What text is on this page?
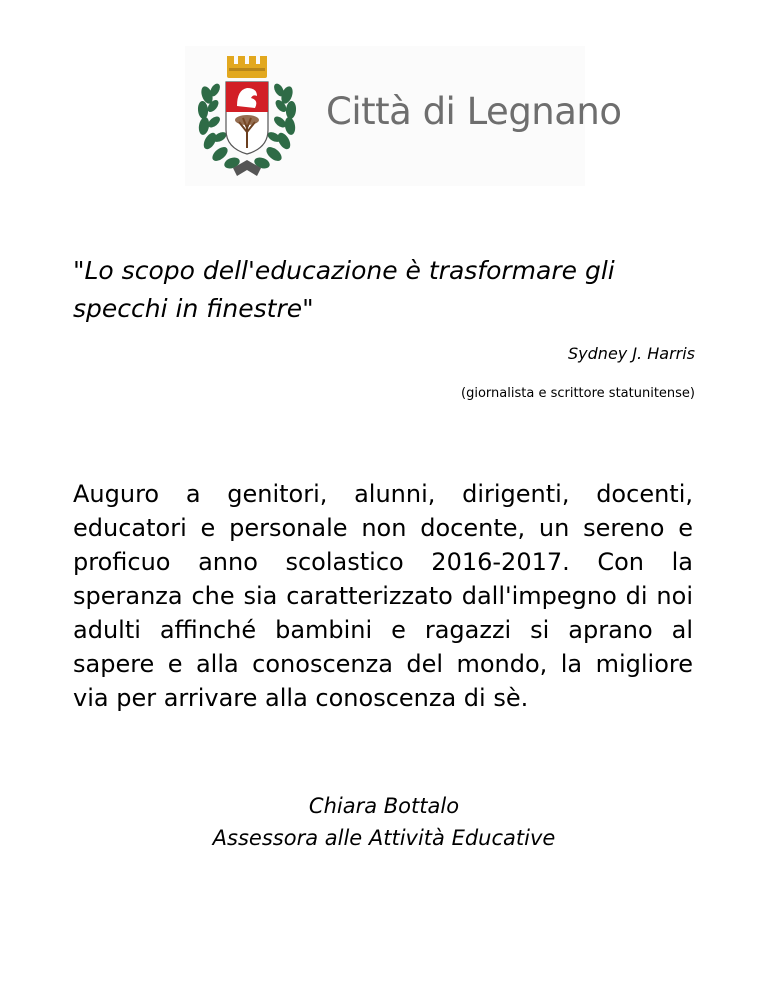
Città di Legnano

"Lo scopo dell'educazione è trasformare gli specchi in finestre"

Sydney J. Harris
(giornalista e scrittore statunitense)

Auguro a genitori, alunni, dirigenti, docenti, educatori e personale non docente, un sereno e proficuo anno scolastico 2016-2017. Con la speranza che sia caratterizzato dall'impegno di noi adulti affinché bambini e ragazzi si aprano al sapere e alla conoscenza del mondo, la migliore via per arrivare alla conoscenza di sè.

Chiara Bottalo
Assessora alle Attività Educative
